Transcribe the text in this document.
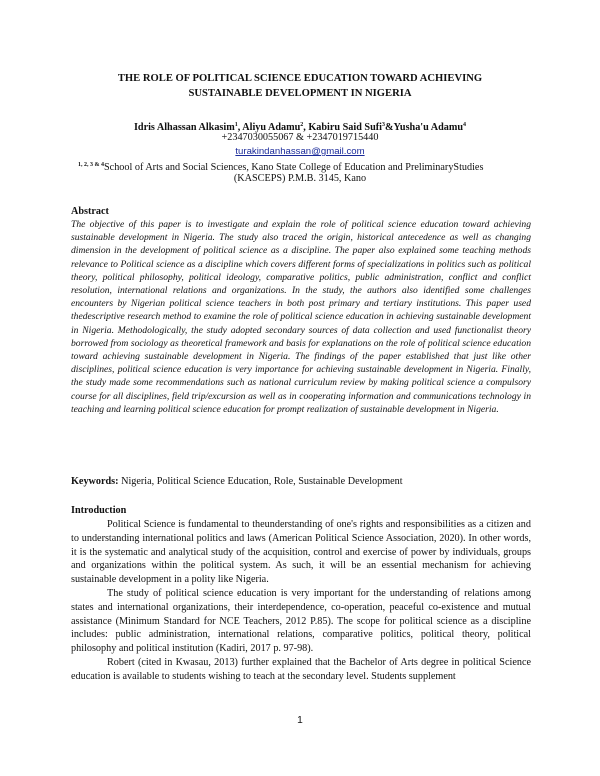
THE ROLE OF POLITICAL SCIENCE EDUCATION TOWARD ACHIEVING
SUSTAINABLE DEVELOPMENT IN NIGERIA
Idris Alhassan Alkasim$^1$, Aliyu Adamu$^2$, Kabiru Said Sufi$^3$&Yusha'u Adamu$^4$
+2347030055067 & +2347019715440
turakindanhassan@gmail.com
$^{1, 2, 3 \& 4}$School of Arts and Social Sciences, Kano State College of Education and PreliminaryStudies
(KASCEPS) P.M.B. 3145, Kano
Abstract
The objective of this paper is to investigate and explain the role of political science education toward achieving sustainable development in Nigeria. The study also traced the origin, historical antecedence as well as changing dimension in the development of political science as a discipline. The paper also explained some teaching methods relevance to Political science as a discipline which covers different forms of specializations in politics such as political theory, political philosophy, political ideology, comparative politics, public administration, conflict and conflict resolution, international relations and organizations. In the study, the authors also identified some challenges encounters by Nigerian political science teachers in both post primary and tertiary institutions. This paper used thedescriptive research method to examine the role of political science education in achieving sustainable development in Nigeria. Methodologically, the study adopted secondary sources of data collection and used functionalist theory borrowed from sociology as theoretical framework and basis for explanations on the role of political science education toward achieving sustainable development in Nigeria. The findings of the paper established that just like other disciplines, political science education is very importance for achieving sustainable development in Nigeria. Finally, the study made some recommendations such as national curriculum review by making political science a compulsory course for all disciplines, field trip/excursion as well as in cooperating information and communications technology in teaching and learning political science education for prompt realization of sustainable development in Nigeria.
Keywords: Nigeria, Political Science Education, Role, Sustainable Development
Introduction

Political Science is fundamental to theunderstanding of one's rights and responsibilities as a citizen and to understanding international politics and laws (American Political Science Association, 2020). In other words, it is the systematic and analytical study of the acquisition, control and exercise of power by individuals, groups and organizations within the political system. As such, it will be an essential mechanism for achieving sustainable development in a polity like Nigeria.

The study of political science education is very important for the understanding of relations among states and international organizations, their interdependence, co-operation, peaceful co-existence and mutual assistance (Minimum Standard for NCE Teachers, 2012 P.85). The scope for political science as a discipline includes: public administration, international relations, comparative politics, political theory, political philosophy and political institution (Kadiri, 2017 p. 97-98).

Robert (cited in Kwasau, 2013) further explained that the Bachelor of Arts degree in political Science education is available to students wishing to teach at the secondary level. Students supplement

1
